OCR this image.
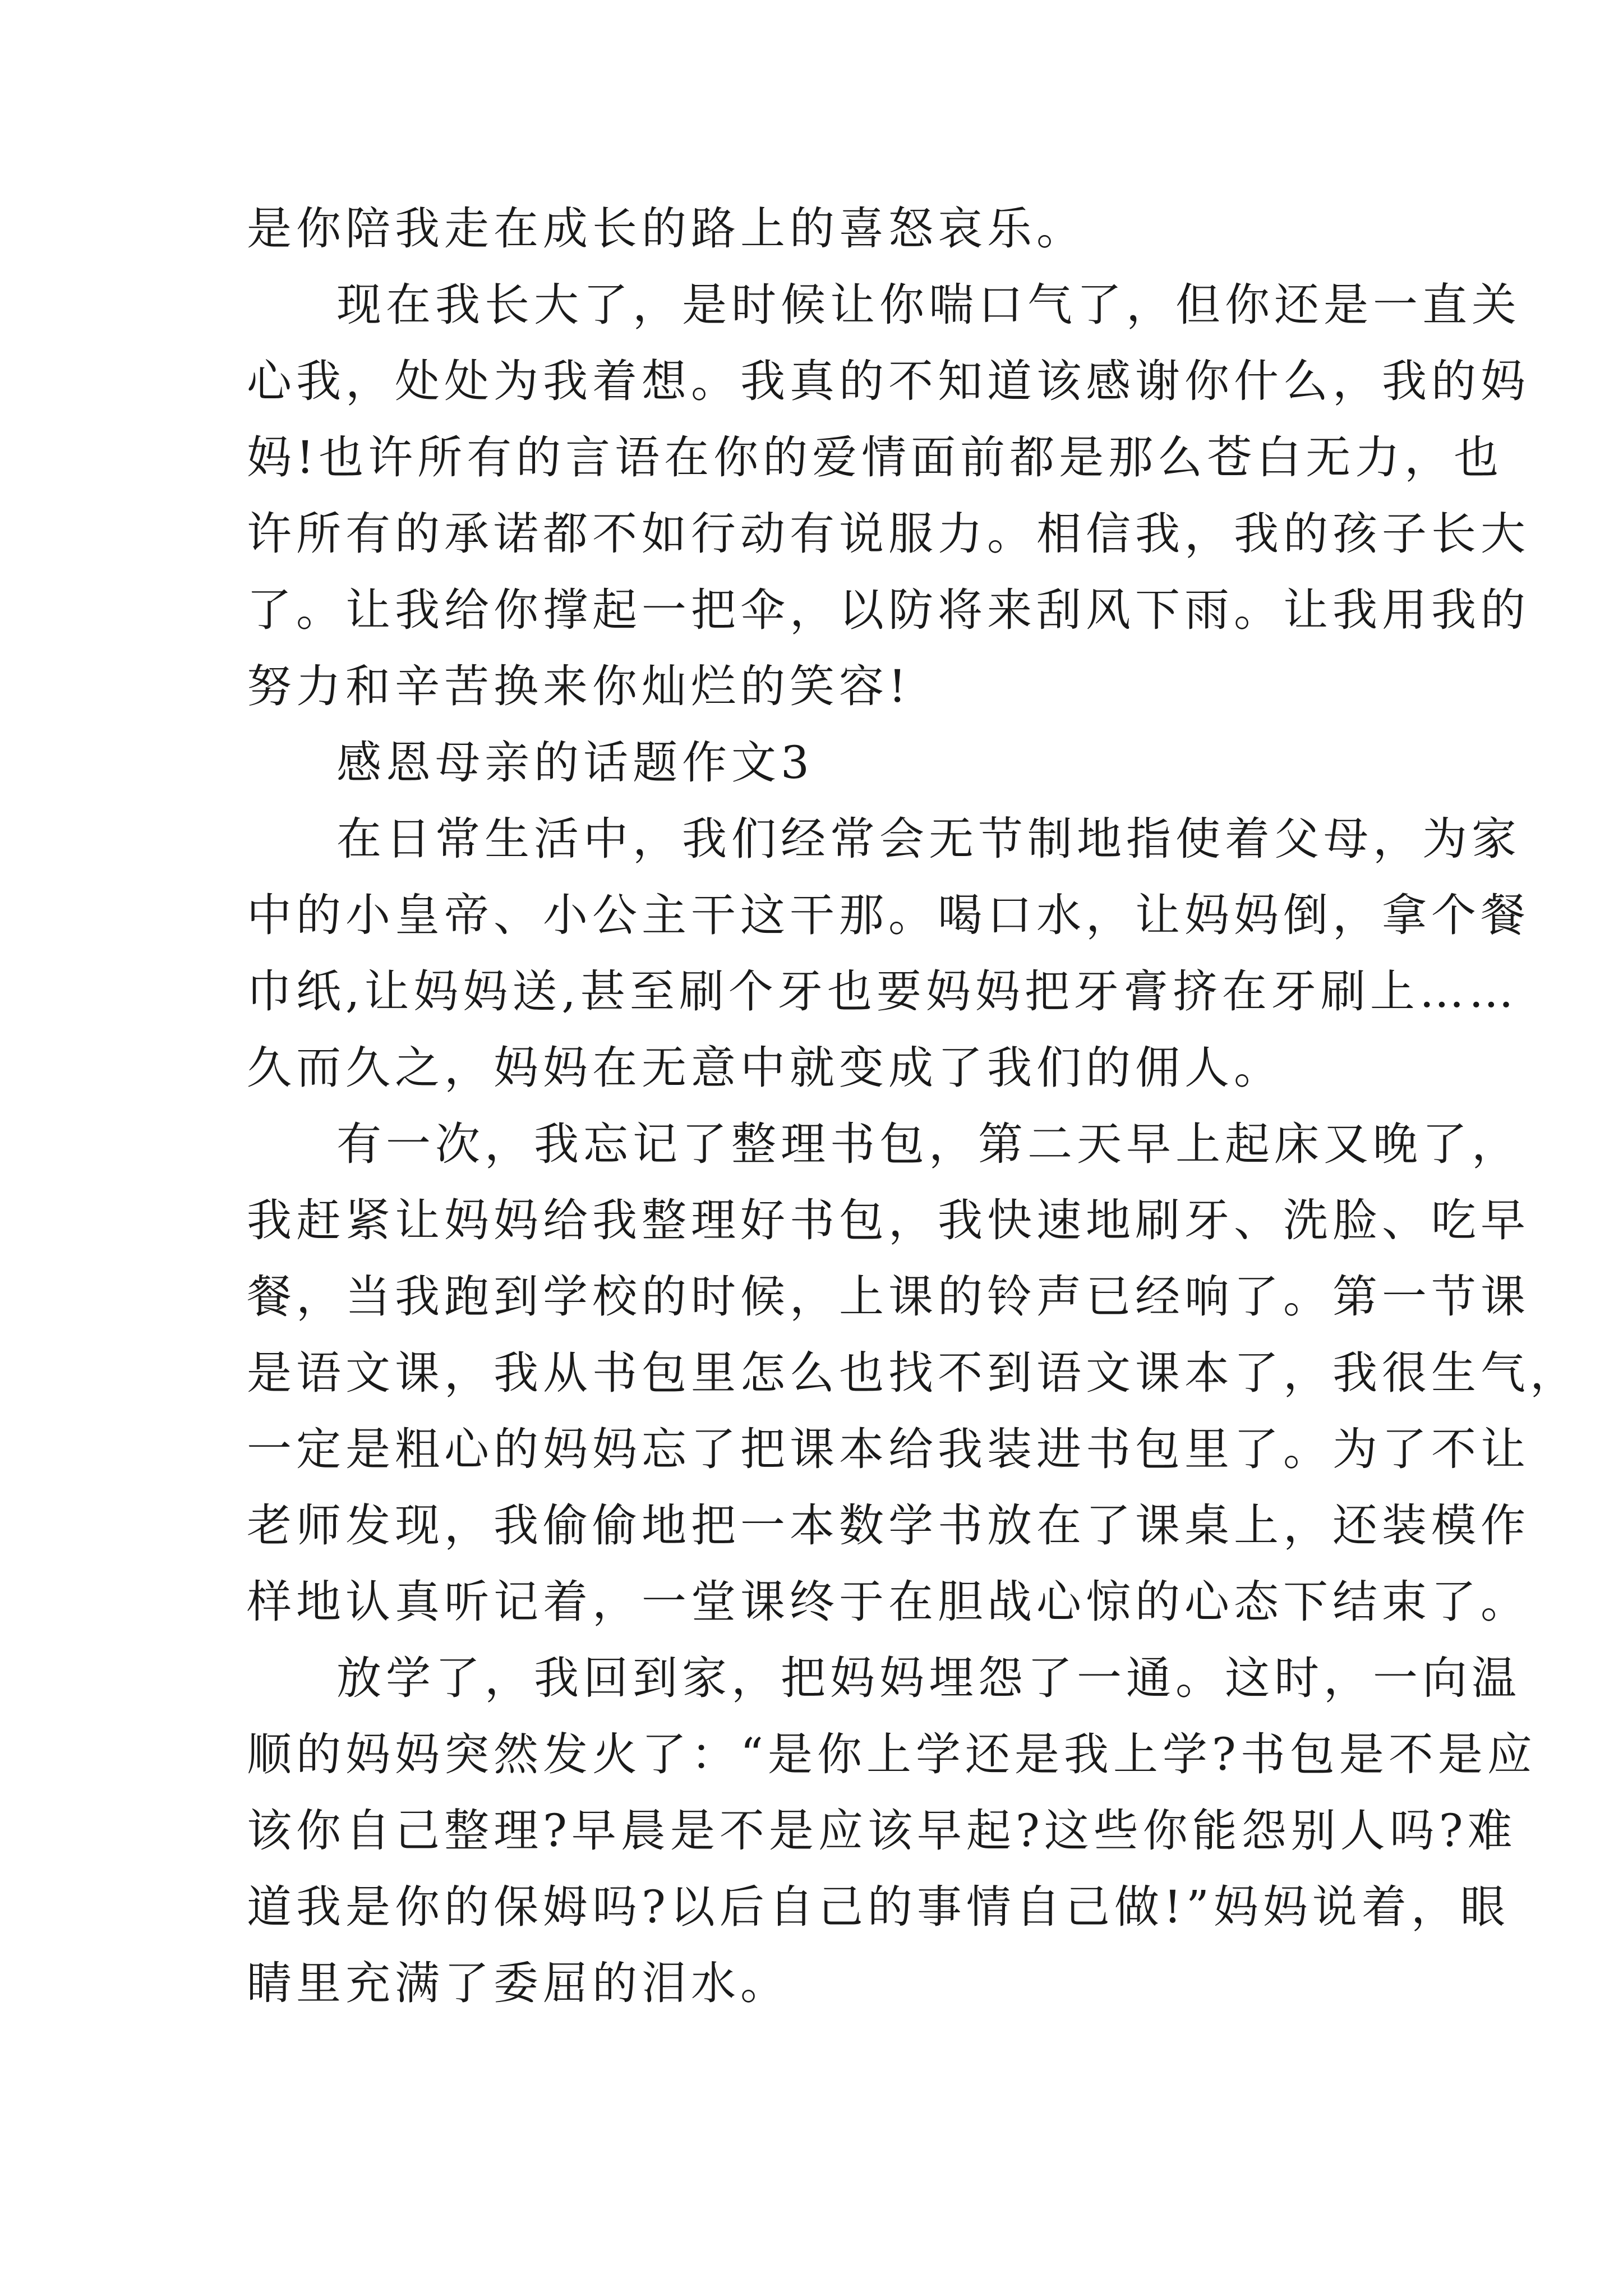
是你陪我走在成长的路上的喜怒哀乐。
现在我长大了，是时候让你喘口气了，但你还是一直关
心我，处处为我着想。我真的不知道该感谢你什么，我的妈
妈!也许所有的言语在你的爱情面前都是那么苍白无力，也
许所有的承诺都不如行动有说服力。相信我，我的孩子长大
了。让我给你撑起一把伞，以防将来刮风下雨。让我用我的
努力和辛苦换来你灿烂的笑容!
感恩母亲的话题作文3
在日常生活中，我们经常会无节制地指使着父母，为家
中的小皇帝、小公主干这干那。喝口水，让妈妈倒，拿个餐
巾纸,让妈妈送,甚至刷个牙也要妈妈把牙膏挤在牙刷上……
久而久之，妈妈在无意中就变成了我们的佣人。
有一次，我忘记了整理书包，第二天早上起床又晚了，
我赶紧让妈妈给我整理好书包，我快速地刷牙、洗脸、吃早
餐，当我跑到学校的时候，上课的铃声已经响了。第一节课
是语文课，我从书包里怎么也找不到语文课本了，我很生气，
一定是粗心的妈妈忘了把课本给我装进书包里了。为了不让
老师发现，我偷偷地把一本数学书放在了课桌上，还装模作
样地认真听记着，一堂课终于在胆战心惊的心态下结束了。
放学了，我回到家，把妈妈埋怨了一通。这时，一向温
顺的妈妈突然发火了：“是你上学还是我上学?书包是不是应
该你自己整理?早晨是不是应该早起?这些你能怨别人吗?难
道我是你的保姆吗?以后自己的事情自己做!”妈妈说着，眼
睛里充满了委屈的泪水。
